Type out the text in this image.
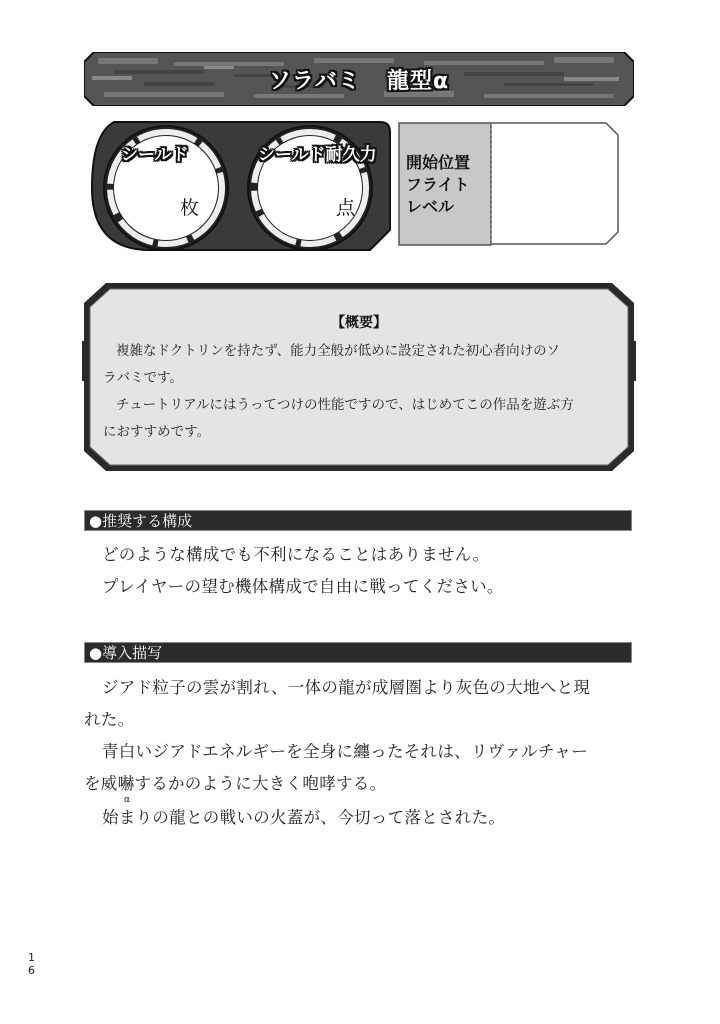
ソラバミ 龍型α
シールド
枚
シールド耐久力
点
開始位置
フライト
レベル
【概要】
複雑なドクトリンを持たず、能力全般が低めに設定された初心者向けのソ
ラバミです。
チュートリアルにはうってつけの性能ですので、はじめてこの作品を遊ぶ方
におすすめです。
●推奨する構成
どのような構成でも不利になることはありません。
プレイヤーの望む機体構成で自由に戦ってください。
●導入描写
ジアド粒子の雲が割れ、一体の龍が成層圏より灰色の大地へと現
れた。
青白いジアドエネルギーを全身に纏ったそれは、リヴァルチャー
を威嚇するかのように大きく咆哮する。
α
始まりの龍との戦いの火蓋が、今切って落とされた。
1
6
